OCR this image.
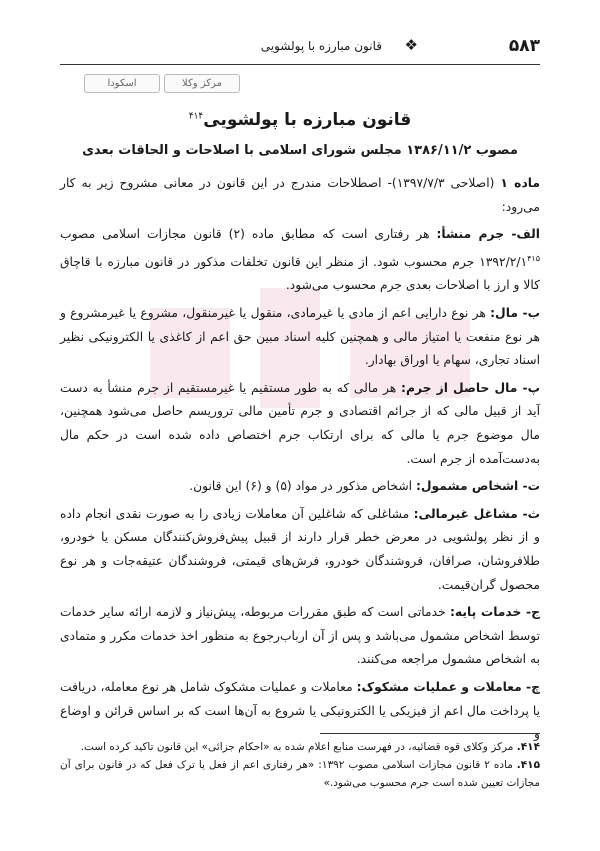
۵۸۳
❖
قانون مبارزه با پولشویی
اسکودا	مرکز وکلا
قانون مبارزه با پولشویی$^{۴۱۴}$
مصوب ۱۳۸۶/۱۱/۲ مجلس شورای اسلامی با اصلاحات و الحاقات بعدی

ماده ۱ (اصلاحی ۱۳۹۷/۷/۳)- اصطلاحات مندرج در این قانون در معانی مشروح زیر به کار می‌رود:

الف- جرم منشأ: هر رفتاری است که مطابق ماده (۲) قانون مجازات اسلامی مصوب $۱۳۹۲/۲/۱^{۴۱۵}$ جرم محسوب شود. از منظر این قانون تخلفات مذکور در قانون مبارزه با قاچاق کالا و ارز با اصلاحات بعدی جرم محسوب می‌شود.

ب- مال: هر نوع دارایی اعم از مادی یا غیرمادی، منقول یا غیرمنقول، مشروع یا غیرمشروع و هر نوع منفعت یا امتیاز مالی و همچنین کلیه اسناد مبین حق اعم از کاغذی یا الکترونیکی نظیر اسناد تجاری، سهام یا اوراق بهادار.

پ- مال حاصل از جرم: هر مالی که به طور مستقیم یا غیرمستقیم از جرم منشأ به دست آید از قبیل مالی که از جرائم اقتصادی و جرم تأمین مالی تروریسم حاصل می‌شود همچنین، مال موضوع جرم یا مالی که برای ارتکاب جرم اختصاص داده شده است در حکم مال به‌دست‌آمده از جرم است.

ت- اشخاص مشمول: اشخاص مذکور در مواد (۵) و (۶) این قانون.

ث- مشاغل غیرمالی: مشاغلی که شاغلین آن معاملات زیادی را به صورت نقدی انجام داده و از نظر پولشویی در معرض خطر قرار دارند از قبیل پیش‌فروش‌کنندگان مسکن یا خودرو، طلافروشان، صرافان، فروشندگان خودرو، فرش‌های قیمتی، فروشندگان عتیقه‌جات و هر نوع محصول گران‌قیمت.

ج- خدمات پایه: خدماتی است که طبق مقررات مربوطه، پیش‌نیاز و لازمه ارائه سایر خدمات توسط اشخاص مشمول می‌باشد و پس از آن ارباب‌رجوع به منظور اخذ خدمات مکرر و متمادی به اشخاص مشمول مراجعه می‌کنند.

چ- معاملات و عملیات مشکوک: معاملات و عملیات مشکوک شامل هر نوع معامله، دریافت یا پرداخت مال اعم از فیزیکی یا الکترونیکی یا شروع به آن‌ها است که بر اساس قرائن و اوضاع و

۴۱۴. مرکز وکلای قوه قضائیه، در فهرست منابع اعلام شده به «احکام جزائی» این قانون تاکید کرده است.

۴۱۵. ماده ۲ قانون مجازات اسلامی مصوب ۱۳۹۲: «هر رفتاری اعم از فعل یا ترک فعل که در قانون برای آن مجازات تعیین شده است جرم محسوب می‌شود.»
